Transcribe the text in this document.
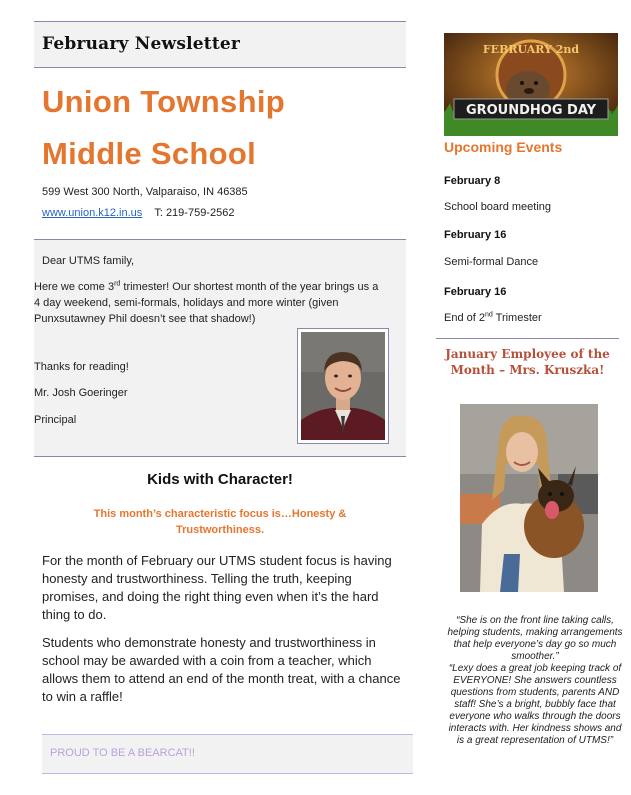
February Newsletter
Union Township
Middle School
599 West 300 North, Valparaiso, IN 46385
www.union.k12.in.us T: 219-759-2562
Dear UTMS family,
Here we come 3rd trimester! Our shortest month of the year brings us a 4 day weekend, semi-formals, holidays and more winter (given Punxsutawney Phil doesn’t see that shadow!)
Thanks for reading!
Mr. Josh Goeringer
Principal
Kids with Character!
This month’s characteristic focus is…Honesty &
Trustworthiness.
For the month of February our UTMS student focus is having honesty and trustworthiness. Telling the truth, keeping promises, and doing the right thing even when it’s the hard thing to do.
Students who demonstrate honesty and trustworthiness in school may be awarded with a coin from a teacher, which allows them to attend an end of the month treat, with a chance to win a raffle!
PROUD TO BE A BEARCAT!!
FEBRUARY 2nd
GROUNDHOG DAY
Upcoming Events
February 8
School board meeting
February 16
Semi-formal Dance
February 16
End of 2nd Trimester
January Employee of the
Month – Mrs. Kruszka!
“She is on the front line taking calls, helping students, making arrangements that help everyone’s day go so much smoother.”
“Lexy does a great job keeping track of EVERYONE! She answers countless questions from students, parents AND staff! She’s a bright, bubbly face that everyone who walks through the doors interacts with. Her kindness shows and is a great representation of UTMS!”
